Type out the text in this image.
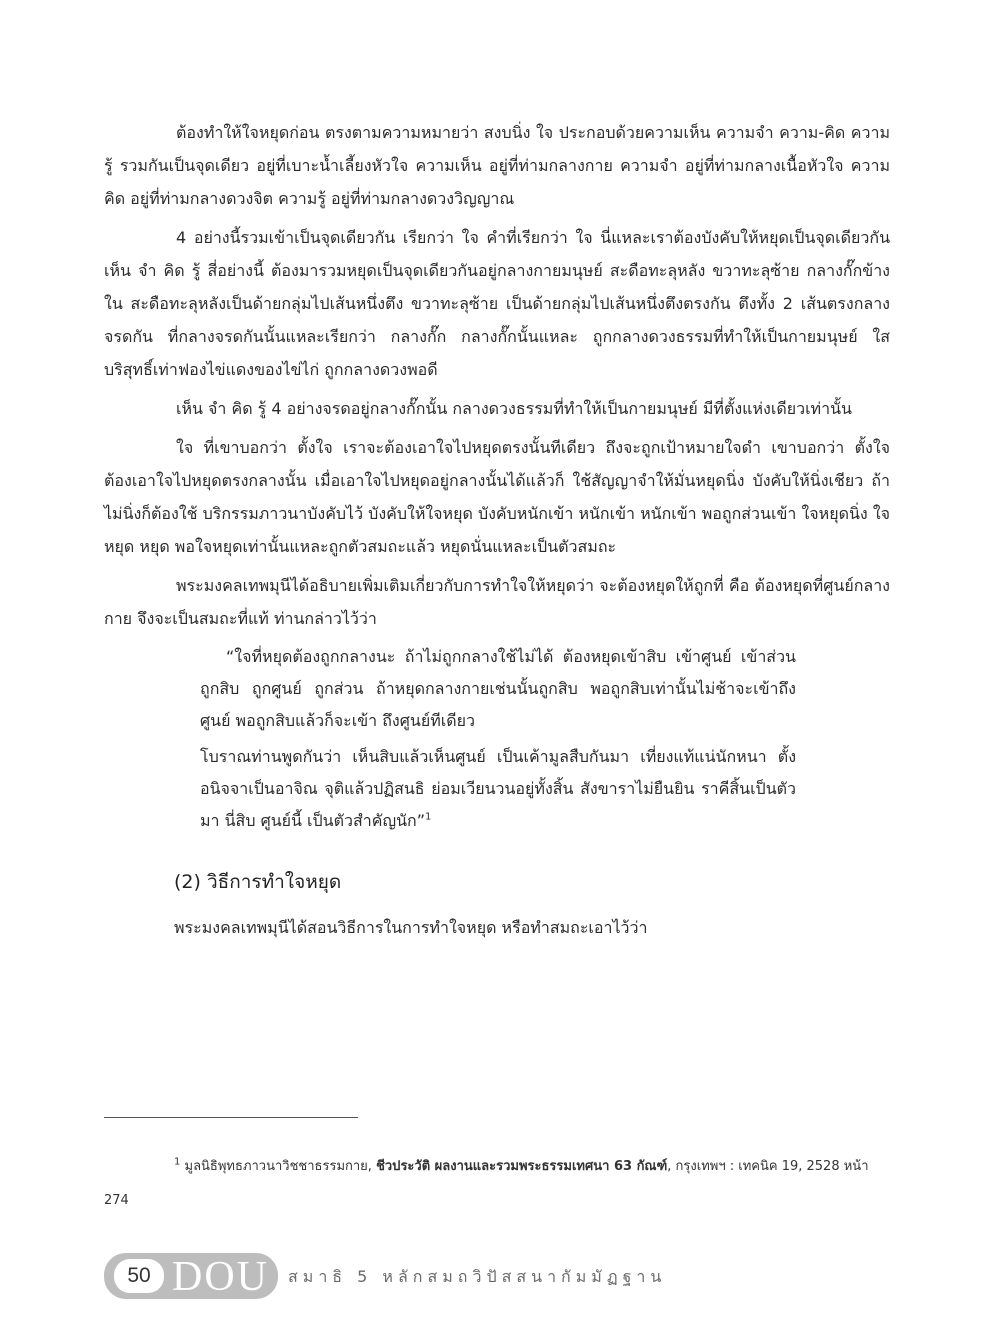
ต้องทำให้ใจหยุดก่อน ตรงตามความหมายว่า สงบนิ่ง ใจ ประกอบด้วยความเห็น ความจำ ความ-คิด ความรู้ รวมกันเป็นจุดเดียว อยู่ที่เบาะน้ำเลี้ยงหัวใจ ความเห็น อยู่ที่ท่ามกลางกาย ความจำ อยู่ที่ท่ามกลางเนื้อหัวใจ ความคิด อยู่ที่ท่ามกลางดวงจิต ความรู้ อยู่ที่ท่ามกลางดวงวิญญาณ

4 อย่างนี้รวมเข้าเป็นจุดเดียวกัน เรียกว่า ใจ คำที่เรียกว่า ใจ นี่แหละเราต้องบังคับให้หยุดเป็นจุดเดียวกัน เห็น จำ คิด รู้ สี่อย่างนี้ ต้องมารวมหยุดเป็นจุดเดียวกันอยู่กลางกายมนุษย์ สะดือทะลุหลัง ขวาทะลุซ้าย กลางกั๊กข้างใน สะดือทะลุหลังเป็นด้ายกลุ่มไปเส้นหนึ่งตึง ขวาทะลุซ้าย เป็นด้ายกลุ่มไปเส้นหนึ่งตึงตรงกัน ตึงทั้ง 2 เส้นตรงกลางจรดกัน ที่กลางจรดกันนั้นแหละเรียกว่า กลางกั๊ก กลางกั๊กนั้นแหละ ถูกกลางดวงธรรมที่ทำให้เป็นกายมนุษย์ ใสบริสุทธิ์เท่าฟองไข่แดงของไข่ไก่ ถูกกลางดวงพอดี

เห็น จำ คิด รู้ 4 อย่างจรดอยู่กลางกั๊กนั้น กลางดวงธรรมที่ทำให้เป็นกายมนุษย์ มีที่ตั้งแห่งเดียวเท่านั้น

ใจ ที่เขาบอกว่า ตั้งใจ เราจะต้องเอาใจไปหยุดตรงนั้นทีเดียว ถึงจะถูกเป้าหมายใจดำ เขาบอกว่า ตั้งใจ ต้องเอาใจไปหยุดตรงกลางนั้น เมื่อเอาใจไปหยุดอยู่กลางนั้นได้แล้วก็ ใช้สัญญาจำให้มั่นหยุดนิ่ง บังคับให้นิ่งเชียว ถ้าไม่นิ่งก็ต้องใช้ บริกรรมภาวนาบังคับไว้ บังคับให้ใจหยุด บังคับหนักเข้า หนักเข้า หนักเข้า พอถูกส่วนเข้า ใจหยุดนิ่ง ใจหยุด หยุด พอใจหยุดเท่านั้นแหละถูกตัวสมถะแล้ว หยุดนั่นแหละเป็นตัวสมถะ

พระมงคลเทพมุนีได้อธิบายเพิ่มเติมเกี่ยวกับการทำใจให้หยุดว่า จะต้องหยุดให้ถูกที่ คือ ต้องหยุดที่ศูนย์กลางกาย จึงจะเป็นสมถะที่แท้ ท่านกล่าวไว้ว่า

“ใจที่หยุดต้องถูกกลางนะ ถ้าไม่ถูกกลางใช้ไม่ได้ ต้องหยุดเข้าสิบ เข้าศูนย์ เข้าส่วน ถูกสิบ ถูกศูนย์ ถูกส่วน ถ้าหยุดกลางกายเช่นนั้นถูกสิบ พอถูกสิบเท่านั้นไม่ช้าจะเข้าถึงศูนย์ พอถูกสิบแล้วก็จะเข้า ถึงศูนย์ทีเดียว

โบราณท่านพูดกันว่า เห็นสิบแล้วเห็นศูนย์ เป็นเค้ามูลสืบกันมา เที่ยงแท้แน่นักหนา ตั้งอนิจจาเป็นอาจิณ จุติแล้วปฏิสนธิ ย่อมเวียนวนอยู่ทั้งสิ้น สังขาราไม่ยืนยิน ราคีสิ้นเป็นตัวมา นี่สิบ ศูนย์นี้ เป็นตัวสำคัญนัก”$^1$

(2) วิธีการทำใจหยุด

พระมงคลเทพมุนีได้สอนวิธีการในการทำใจหยุด หรือทำสมถะเอาไว้ว่า

$^1$ มูลนิธิพุทธภาวนาวิชชาธรรมกาย, ชีวประวัติ ผลงานและรวมพระธรรมเทศนา 63 กัณฑ์, กรุงเทพฯ : เทคนิค 19, 2528 หน้า 274
50 DOU สมาธิ 5 หลักสมถวิปัสสนากัมมัฏฐาน
